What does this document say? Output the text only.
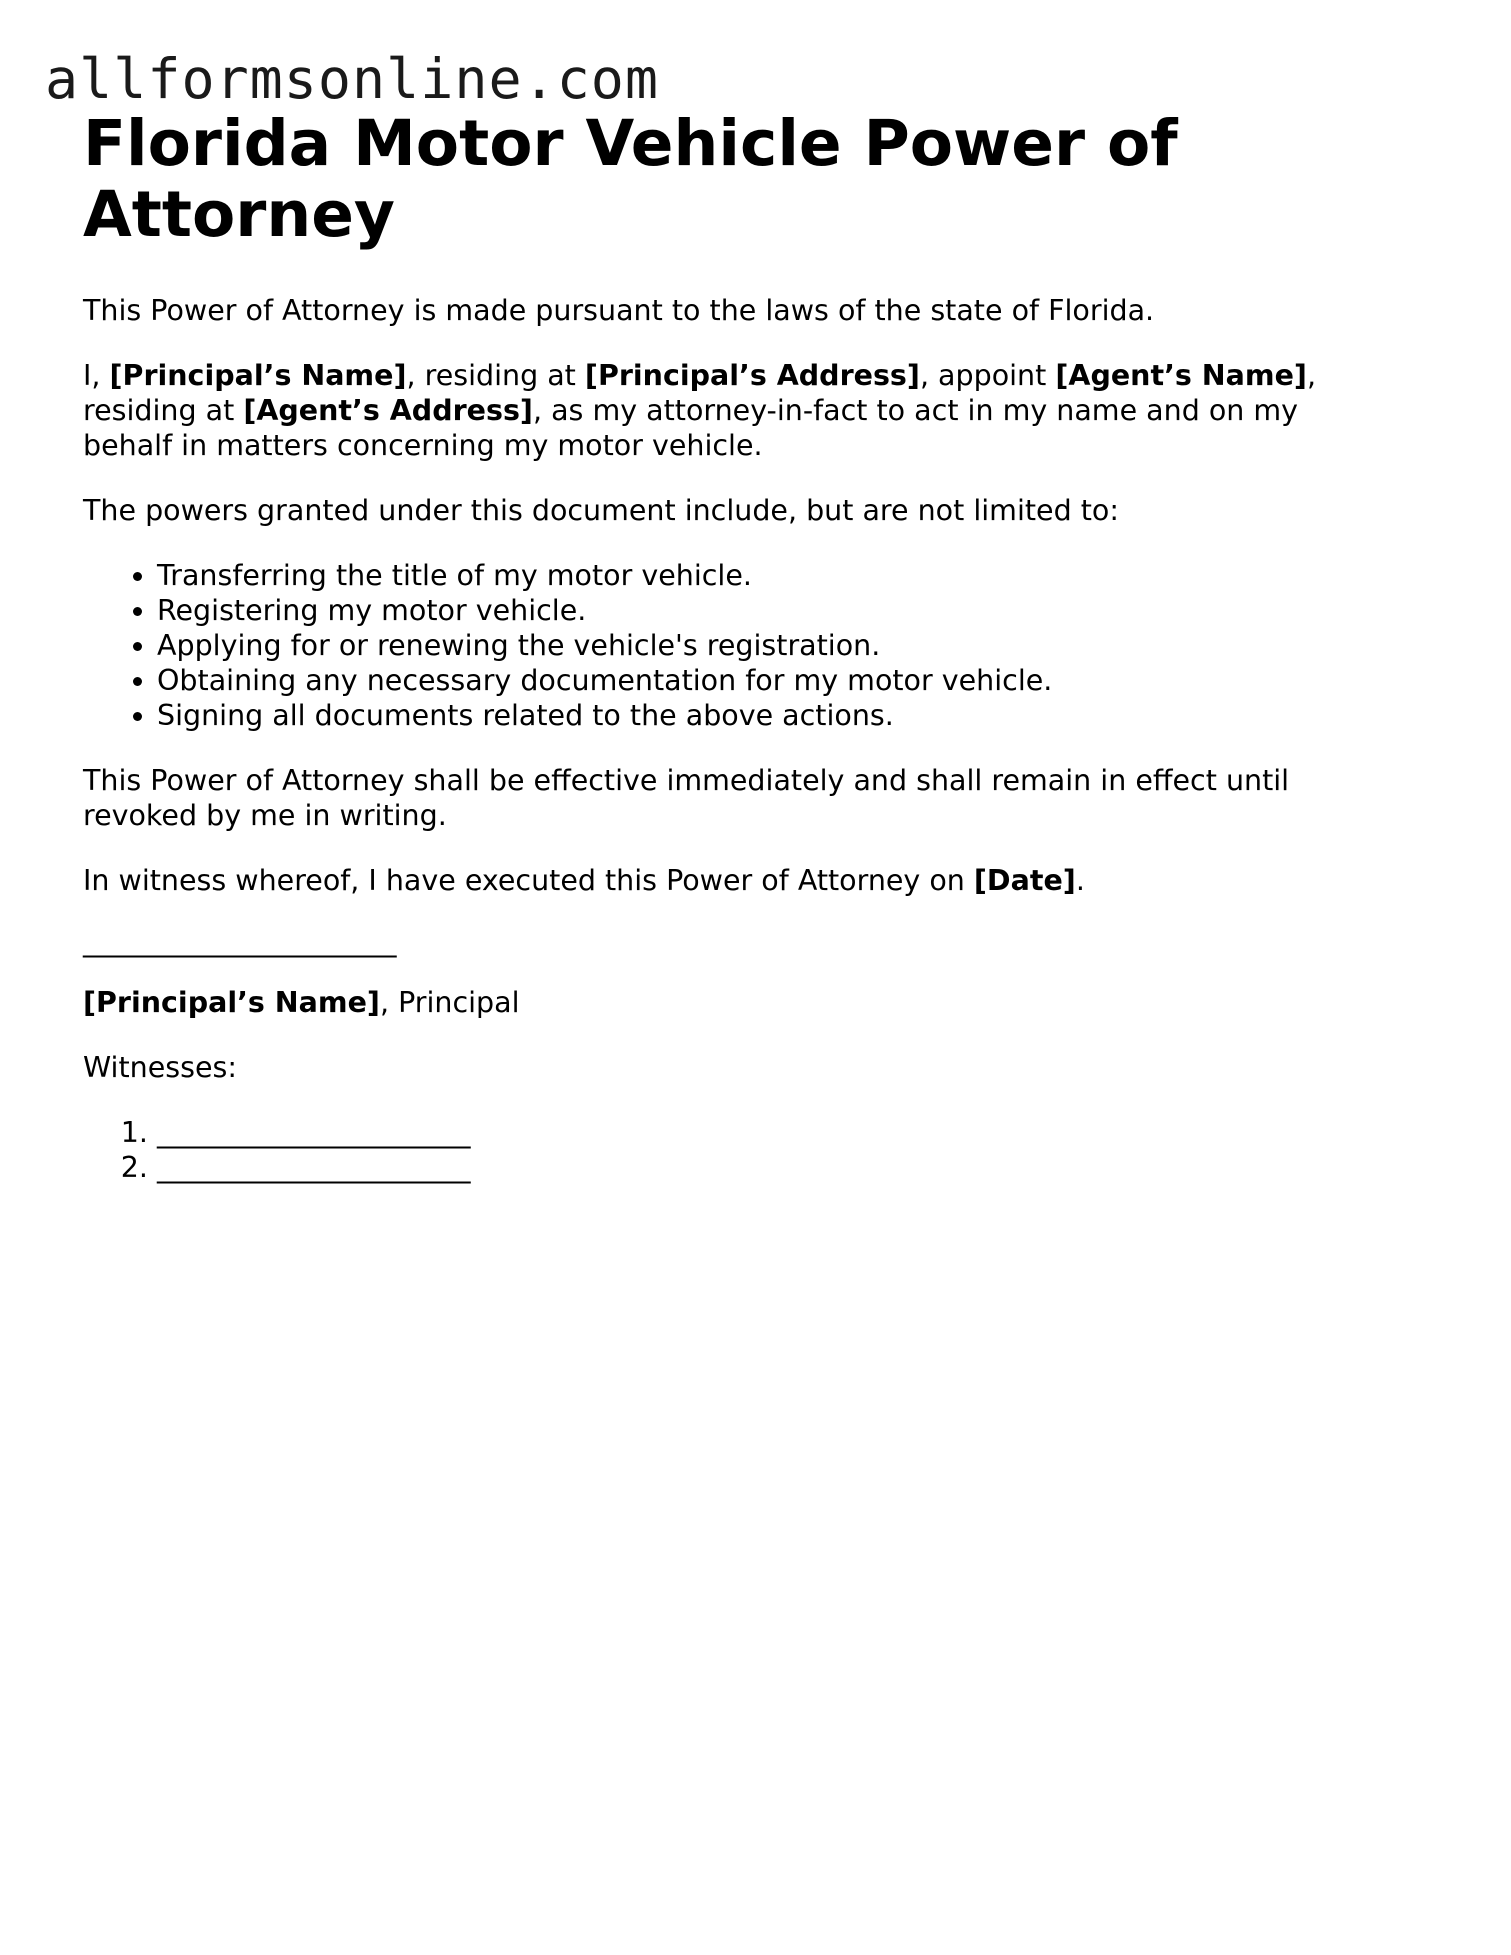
allformsonline.com
Florida Motor Vehicle Power of Attorney

This Power of Attorney is made pursuant to the laws of the state of Florida.

I, [Principal’s Name], residing at [Principal’s Address], appoint [Agent’s Name], residing at [Agent’s Address], as my attorney-in-fact to act in my name and on my behalf in matters concerning my motor vehicle.

The powers granted under this document include, but are not limited to:

• Transferring the title of my motor vehicle.
• Registering my motor vehicle.
• Applying for or renewing the vehicle's registration.
• Obtaining any necessary documentation for my motor vehicle.
• Signing all documents related to the above actions.

This Power of Attorney shall be effective immediately and shall remain in effect until revoked by me in writing.

In witness whereof, I have executed this Power of Attorney on [Date].

______________________

[Principal’s Name], Principal

Witnesses:

1. ______________________
2. ______________________
